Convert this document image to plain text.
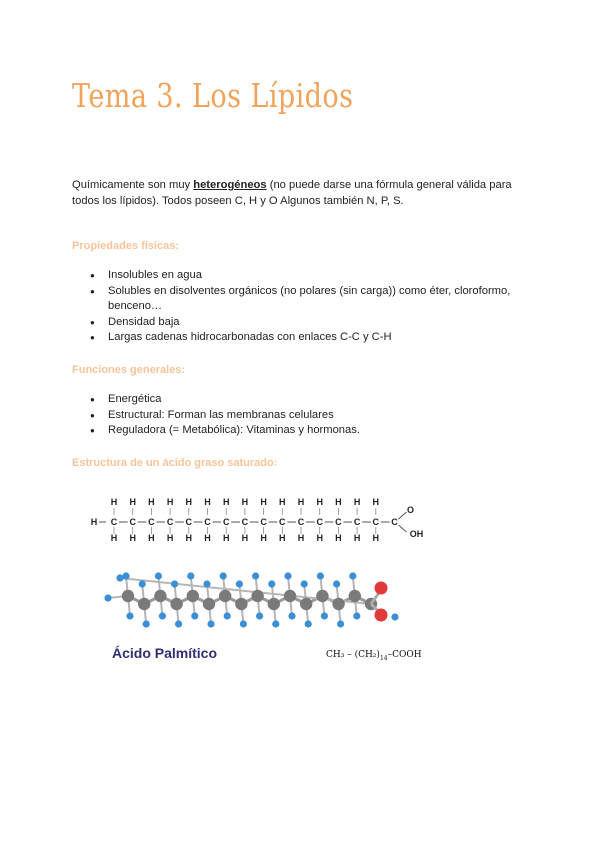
Tema 3. Los Lípidos

Químicamente son muy heterogéneos (no puede darse una fórmula general válida para todos los lípidos). Todos poseen C, H y O Algunos también N, P, S.

Propiedades físicas:

● Insolubles en agua
● Solubles en disolventes orgánicos (no polares (sin carga)) como éter, cloroformo, benceno…
● Densidad baja
● Largas cadenas hidrocarbonadas con enlaces C-C y C-H

Funciones generales:

● Energética
● Estructural: Forman las membranas celulares
● Reguladora (= Metabólica): Vitaminas y hormonas.

Estructura de un ácido graso saturado:

H
H
H
C
H
H
C
H
H
C
H
H
C
H
H
C
H
H
C
H
H
C
H
H
C
H
H
C
H
H
C
H
H
C
H
H
C
H
H
C
H
H
C
H
H
C C
O
OH

Ácido Palmítico	$CH_3 - (CH_2)_{14}$–COOH
